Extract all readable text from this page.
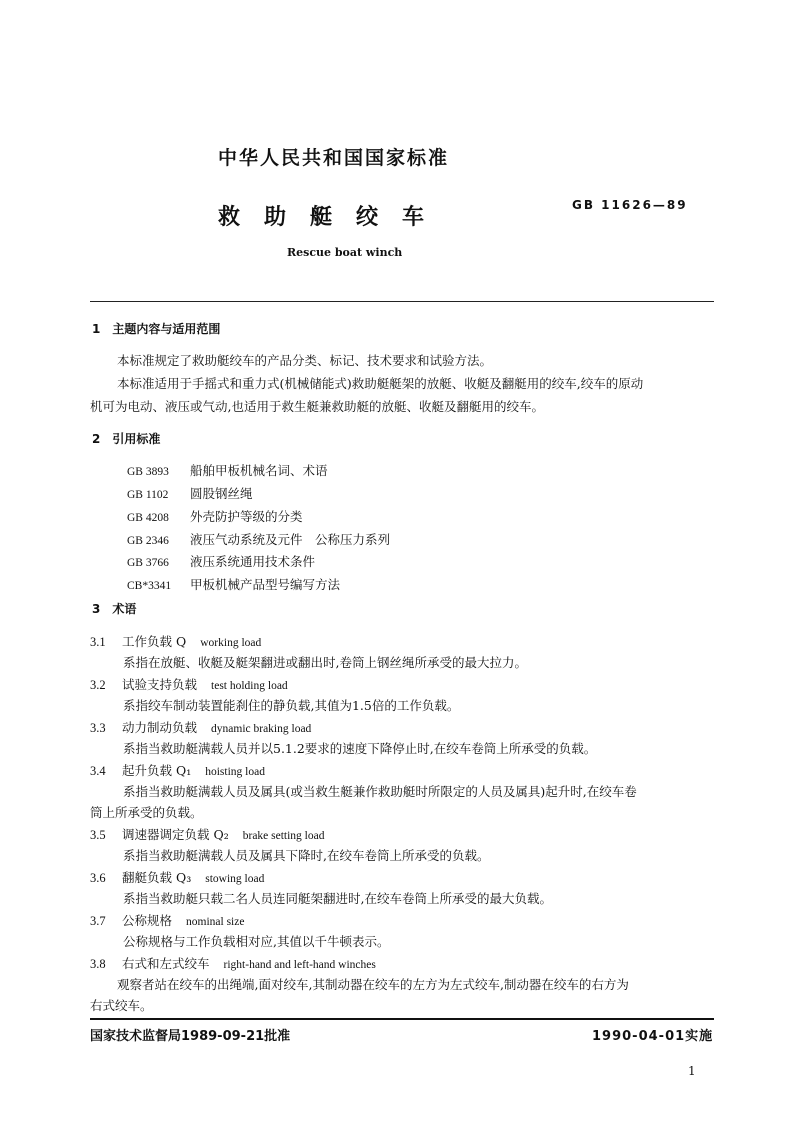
中华人民共和国国家标准
救助艇绞车	GB 11626—89
Rescue boat winch
1　主题内容与适用范围
本标准规定了救助艇绞车的产品分类、标记、技术要求和试验方法。
本标准适用于手摇式和重力式(机械储能式)救助艇艇架的放艇、收艇及翻艇用的绞车,绞车的原动
机可为电动、液压或气动,也适用于救生艇兼救助艇的放艇、收艇及翻艇用的绞车。
2　引用标准
GB 3893 船舶甲板机械名词、术语
GB 1102 圆股钢丝绳
GB 4208 外壳防护等级的分类
GB 2346 液压气动系统及元件　公称压力系列
GB 3766 液压系统通用技术条件
CB*3341 甲板机械产品型号编写方法
3　术语
3.1 工作负载 Q working load
系指在放艇、收艇及艇架翻进或翻出时,卷筒上钢丝绳所承受的最大拉力。
3.2 试验支持负载 test holding load
系指绞车制动装置能刹住的静负载,其值为1.5倍的工作负载。
3.3 动力制动负载 dynamic braking load
系指当救助艇满载人员并以5.1.2要求的速度下降停止时,在绞车卷筒上所承受的负载。
3.4 起升负载 Q₁ hoisting load
系指当救助艇满载人员及属具(或当救生艇兼作救助艇时所限定的人员及属具)起升时,在绞车卷
筒上所承受的负载。
3.5 调速器调定负载 Q₂ brake setting load
系指当救助艇满载人员及属具下降时,在绞车卷筒上所承受的负载。
3.6 翻艇负载 Q₃ stowing load
系指当救助艇只载二名人员连同艇架翻进时,在绞车卷筒上所承受的最大负载。
3.7 公称规格 nominal size
公称规格与工作负载相对应,其值以千牛顿表示。
3.8 右式和左式绞车 right-hand and left-hand winches
观察者站在绞车的出绳端,面对绞车,其制动器在绞车的左方为左式绞车,制动器在绞车的右方为
右式绞车。
国家技术监督局1989-09-21批准	1990-04-01实施
1
